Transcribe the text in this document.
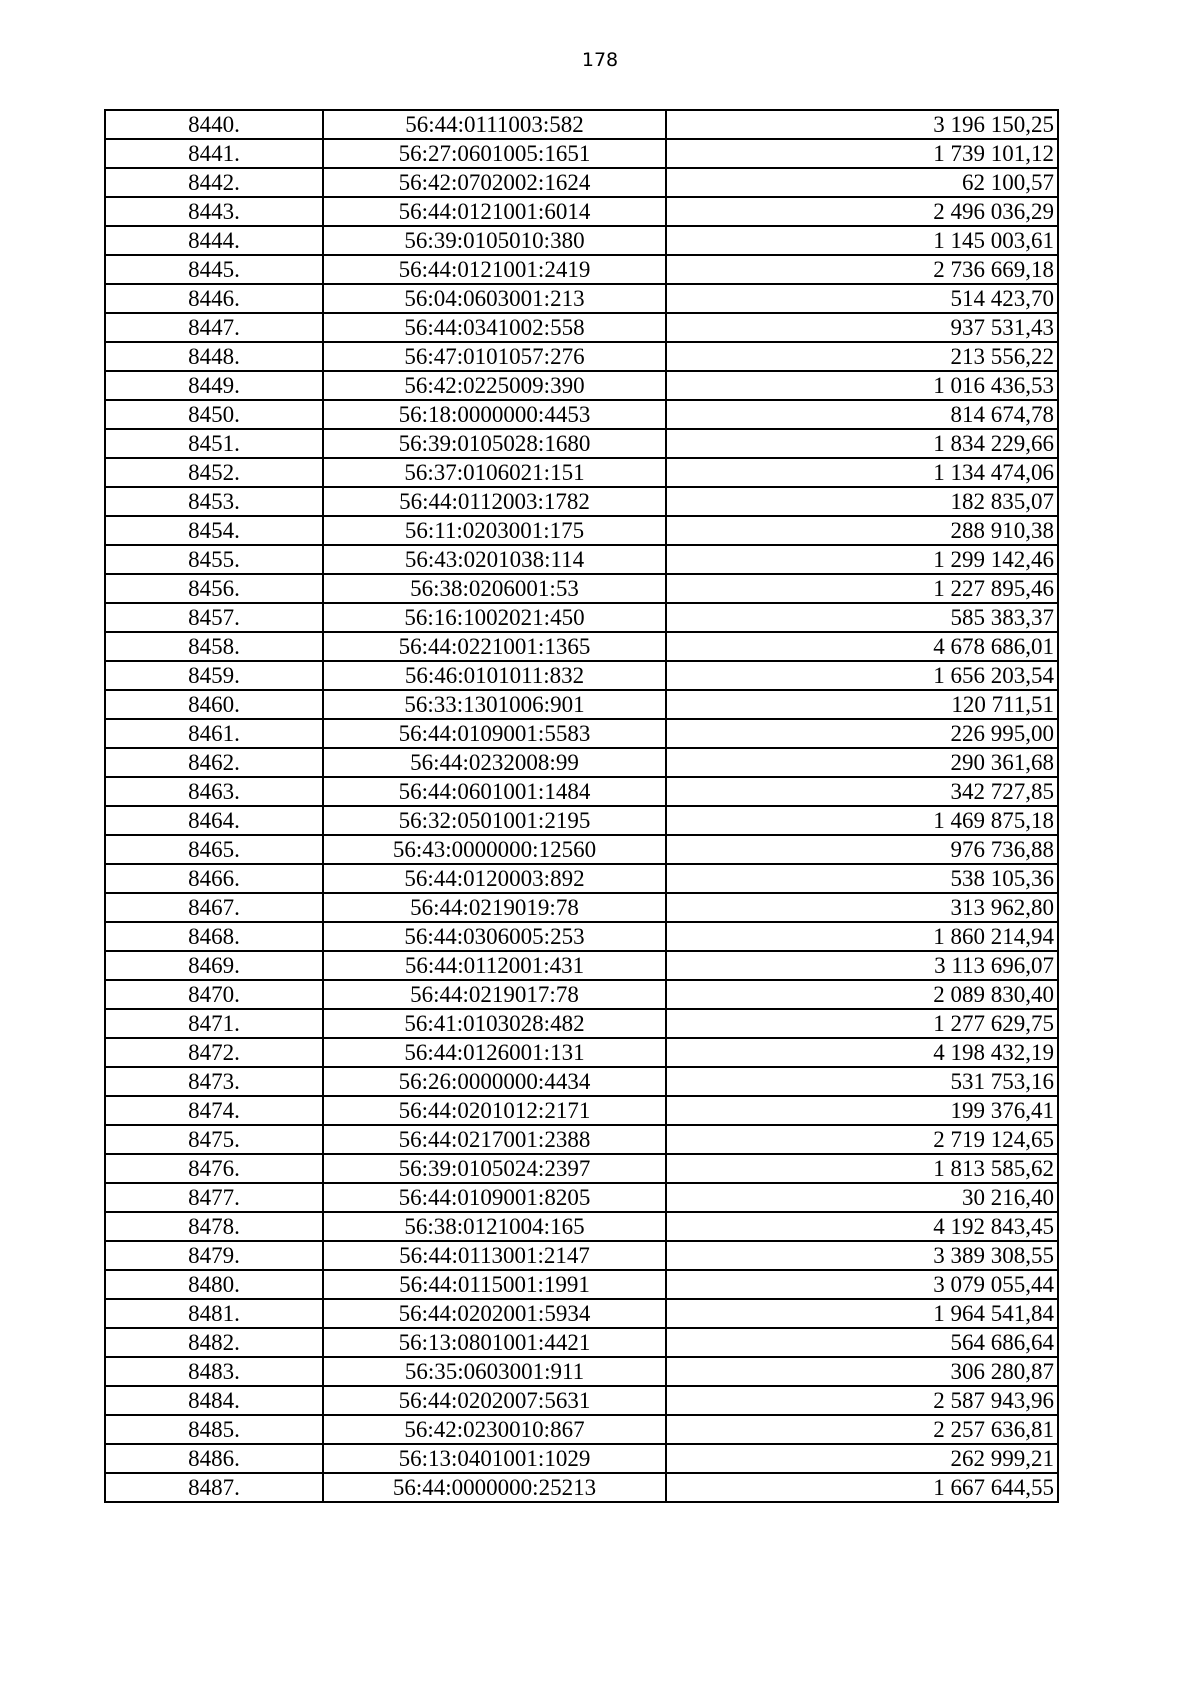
178
8440.	56:44:0111003:582	3 196 150,25
8441.	56:27:0601005:1651	1 739 101,12
8442.	56:42:0702002:1624	62 100,57
8443.	56:44:0121001:6014	2 496 036,29
8444.	56:39:0105010:380	1 145 003,61
8445.	56:44:0121001:2419	2 736 669,18
8446.	56:04:0603001:213	514 423,70
8447.	56:44:0341002:558	937 531,43
8448.	56:47:0101057:276	213 556,22
8449.	56:42:0225009:390	1 016 436,53
8450.	56:18:0000000:4453	814 674,78
8451.	56:39:0105028:1680	1 834 229,66
8452.	56:37:0106021:151	1 134 474,06
8453.	56:44:0112003:1782	182 835,07
8454.	56:11:0203001:175	288 910,38
8455.	56:43:0201038:114	1 299 142,46
8456.	56:38:0206001:53	1 227 895,46
8457.	56:16:1002021:450	585 383,37
8458.	56:44:0221001:1365	4 678 686,01
8459.	56:46:0101011:832	1 656 203,54
8460.	56:33:1301006:901	120 711,51
8461.	56:44:0109001:5583	226 995,00
8462.	56:44:0232008:99	290 361,68
8463.	56:44:0601001:1484	342 727,85
8464.	56:32:0501001:2195	1 469 875,18
8465.	56:43:0000000:12560	976 736,88
8466.	56:44:0120003:892	538 105,36
8467.	56:44:0219019:78	313 962,80
8468.	56:44:0306005:253	1 860 214,94
8469.	56:44:0112001:431	3 113 696,07
8470.	56:44:0219017:78	2 089 830,40
8471.	56:41:0103028:482	1 277 629,75
8472.	56:44:0126001:131	4 198 432,19
8473.	56:26:0000000:4434	531 753,16
8474.	56:44:0201012:2171	199 376,41
8475.	56:44:0217001:2388	2 719 124,65
8476.	56:39:0105024:2397	1 813 585,62
8477.	56:44:0109001:8205	30 216,40
8478.	56:38:0121004:165	4 192 843,45
8479.	56:44:0113001:2147	3 389 308,55
8480.	56:44:0115001:1991	3 079 055,44
8481.	56:44:0202001:5934	1 964 541,84
8482.	56:13:0801001:4421	564 686,64
8483.	56:35:0603001:911	306 280,87
8484.	56:44:0202007:5631	2 587 943,96
8485.	56:42:0230010:867	2 257 636,81
8486.	56:13:0401001:1029	262 999,21
8487.	56:44:0000000:25213	1 667 644,55
